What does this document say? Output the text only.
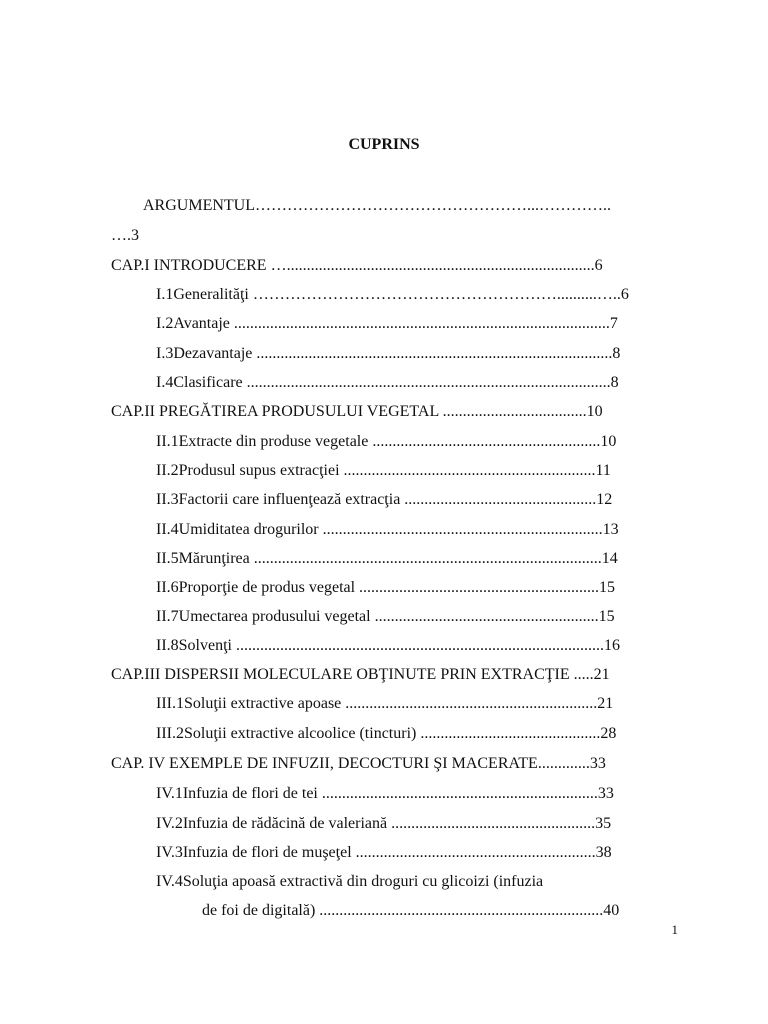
CUPRINS
ARGUMENTUL……………………………………………...…………..
….3
CAP.I INTRODUCERE ….............................................................................6
I.1Generalităţi …………………………………………………..........…..6
I.2Avantaje ..............................................................................................7
I.3Dezavantaje .........................................................................................8
I.4Clasificare ...........................................................................................8
CAP.II PREGĂTIREA PRODUSULUI VEGETAL ....................................10
II.1Extracte din produse vegetale .........................................................10
II.2Produsul supus extracţiei ...............................................................11
II.3Factorii care influenţează extracţia ................................................12
II.4Umiditatea drogurilor ......................................................................13
II.5Mărunţirea .......................................................................................14
II.6Proporţie de produs vegetal ............................................................15
II.7Umectarea produsului vegetal ........................................................15
II.8Solvenţi ............................................................................................16
CAP.III DISPERSII MOLECULARE OBŢINUTE PRIN EXTRACŢIE .....21
III.1Soluţii extractive apoase ...............................................................21
III.2Soluţii extractive alcoolice (tincturi) .............................................28
CAP. IV EXEMPLE DE INFUZII, DECOCTURI ŞI MACERATE.............33
IV.1Infuzia de flori de tei .....................................................................33
IV.2Infuzia de rădăcină de valeriană ...................................................35
IV.3Infuzia de flori de muşeţel ............................................................38
IV.4Soluţia apoasă extractivă din droguri cu glicoizi (infuzia
de foi de digitală) .......................................................................40
1
